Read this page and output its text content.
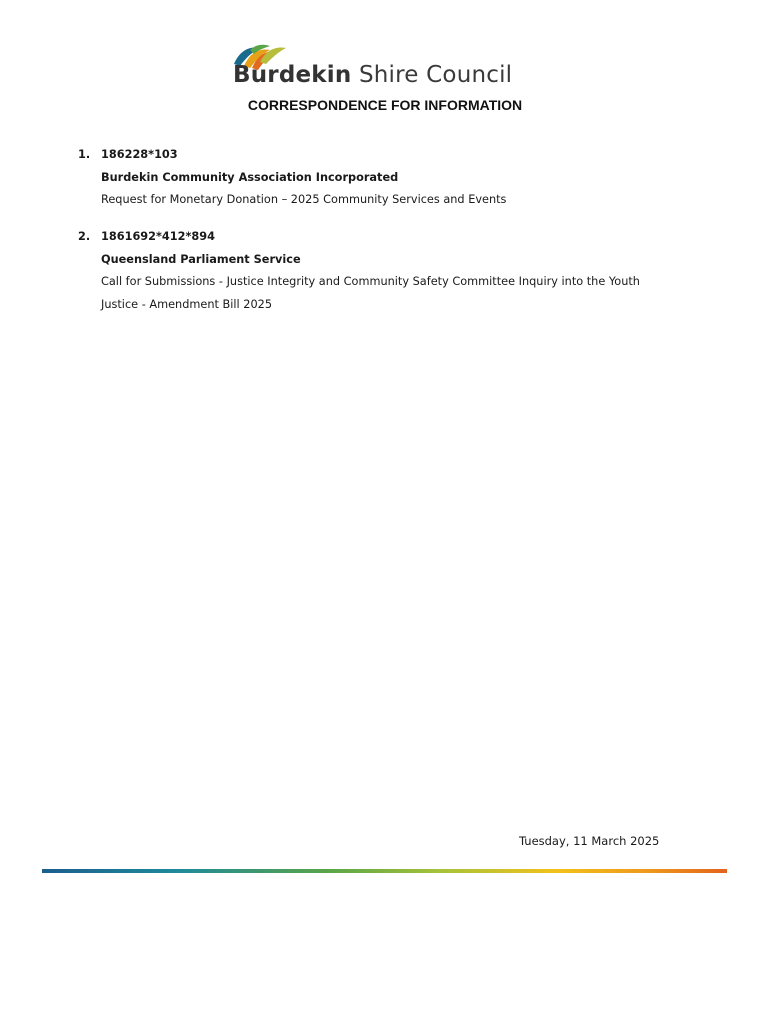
Burdekin Shire Council
CORRESPONDENCE FOR INFORMATION
1. 186228*103
Burdekin Community Association Incorporated
Request for Monetary Donation – 2025 Community Services and Events
2. 1861692*412*894
Queensland Parliament Service
Call for Submissions - Justice Integrity and Community Safety Committee Inquiry into the Youth
Justice - Amendment Bill 2025
Tuesday, 11 March 2025
